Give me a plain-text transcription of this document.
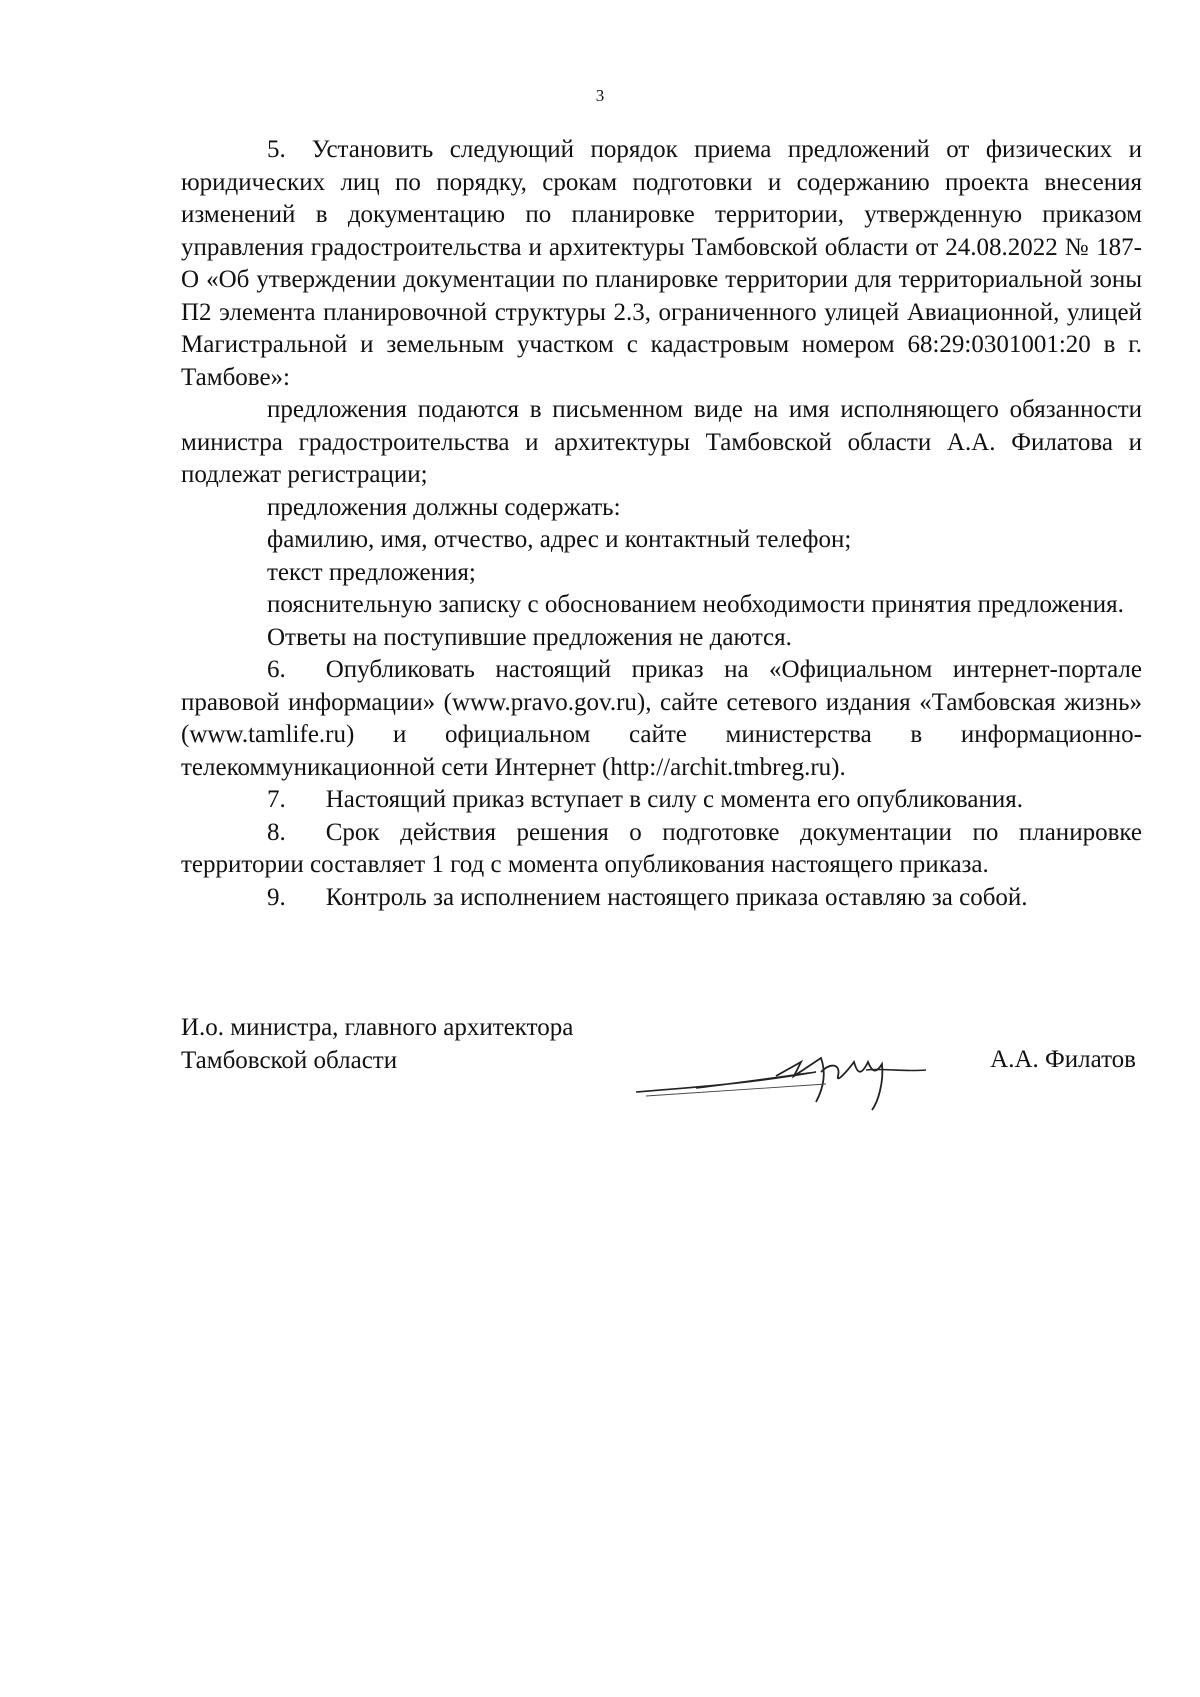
3

5. Установить следующий порядок приема предложений от физических и юридических лиц по порядку, срокам подготовки и содержанию проекта внесения изменений в документацию по планировке территории, утвержденную приказом управления градостроительства и архитектуры Тамбовской области от 24.08.2022 № 187-О «Об утверждении документации по планировке территории для территориальной зоны П2 элемента планировочной структуры 2.3, ограниченного улицей Авиационной, улицей Магистральной и земельным участком с кадастровым номером 68:29:0301001:20 в г. Тамбове»:

предложения подаются в письменном виде на имя исполняющего обязанности министра градостроительства и архитектуры Тамбовской области А.А. Филатова и подлежат регистрации;

предложения должны содержать:

фамилию, имя, отчество, адрес и контактный телефон;

текст предложения;

пояснительную записку с обоснованием необходимости принятия предложения.

Ответы на поступившие предложения не даются.

6. Опубликовать настоящий приказ на «Официальном интернет-портале правовой информации» (www.pravo.gov.ru), сайте сетевого издания «Тамбовская жизнь» (www.tamlife.ru) и официальном сайте министерства в информационно-телекоммуникационной сети Интернет (http://archit.tmbreg.ru).

7. Настоящий приказ вступает в силу с момента его опубликования.

8. Срок действия решения о подготовке документации по планировке территории составляет 1 год с момента опубликования настоящего приказа.

9. Контроль за исполнением настоящего приказа оставляю за собой.

И.о. министра, главного архитектора
Тамбовской области	А.А. Филатов
